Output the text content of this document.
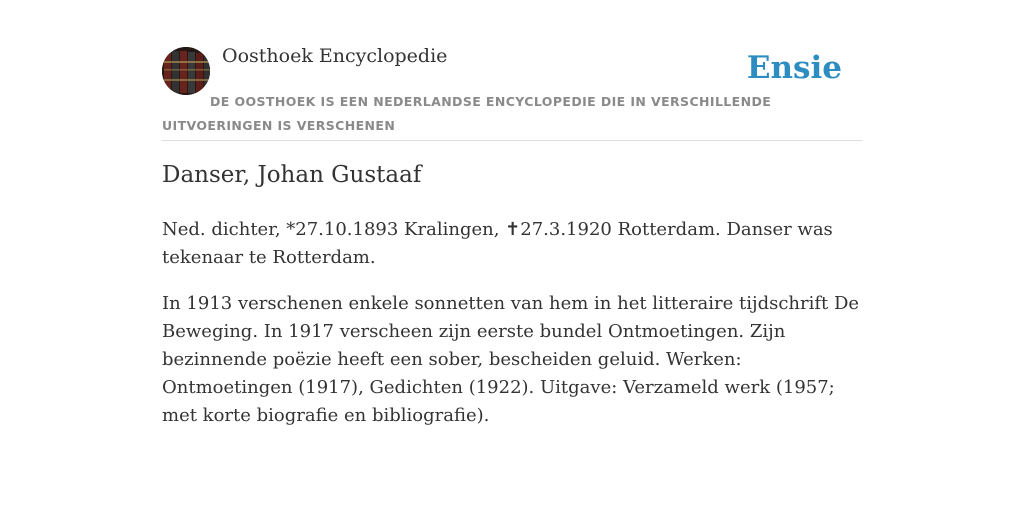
Oosthoek Encyclopedie	Ensie
DE OOSTHOEK IS EEN NEDERLANDSE ENCYCLOPEDIE DIE IN VERSCHILLENDE UITVOERINGEN IS VERSCHENEN
Danser, Johan Gustaaf

Ned. dichter, *27.10.1893 Kralingen, ✝27.3.1920 Rotterdam. Danser was tekenaar te Rotterdam.

In 1913 verschenen enkele sonnetten van hem in het litteraire tijdschrift De Beweging. In 1917 verscheen zijn eerste bundel Ontmoetingen. Zijn bezinnende poëzie heeft een sober, bescheiden geluid. Werken: Ontmoetingen (1917), Gedichten (1922). Uitgave: Verzameld werk (1957; met korte biografie en bibliografie).
